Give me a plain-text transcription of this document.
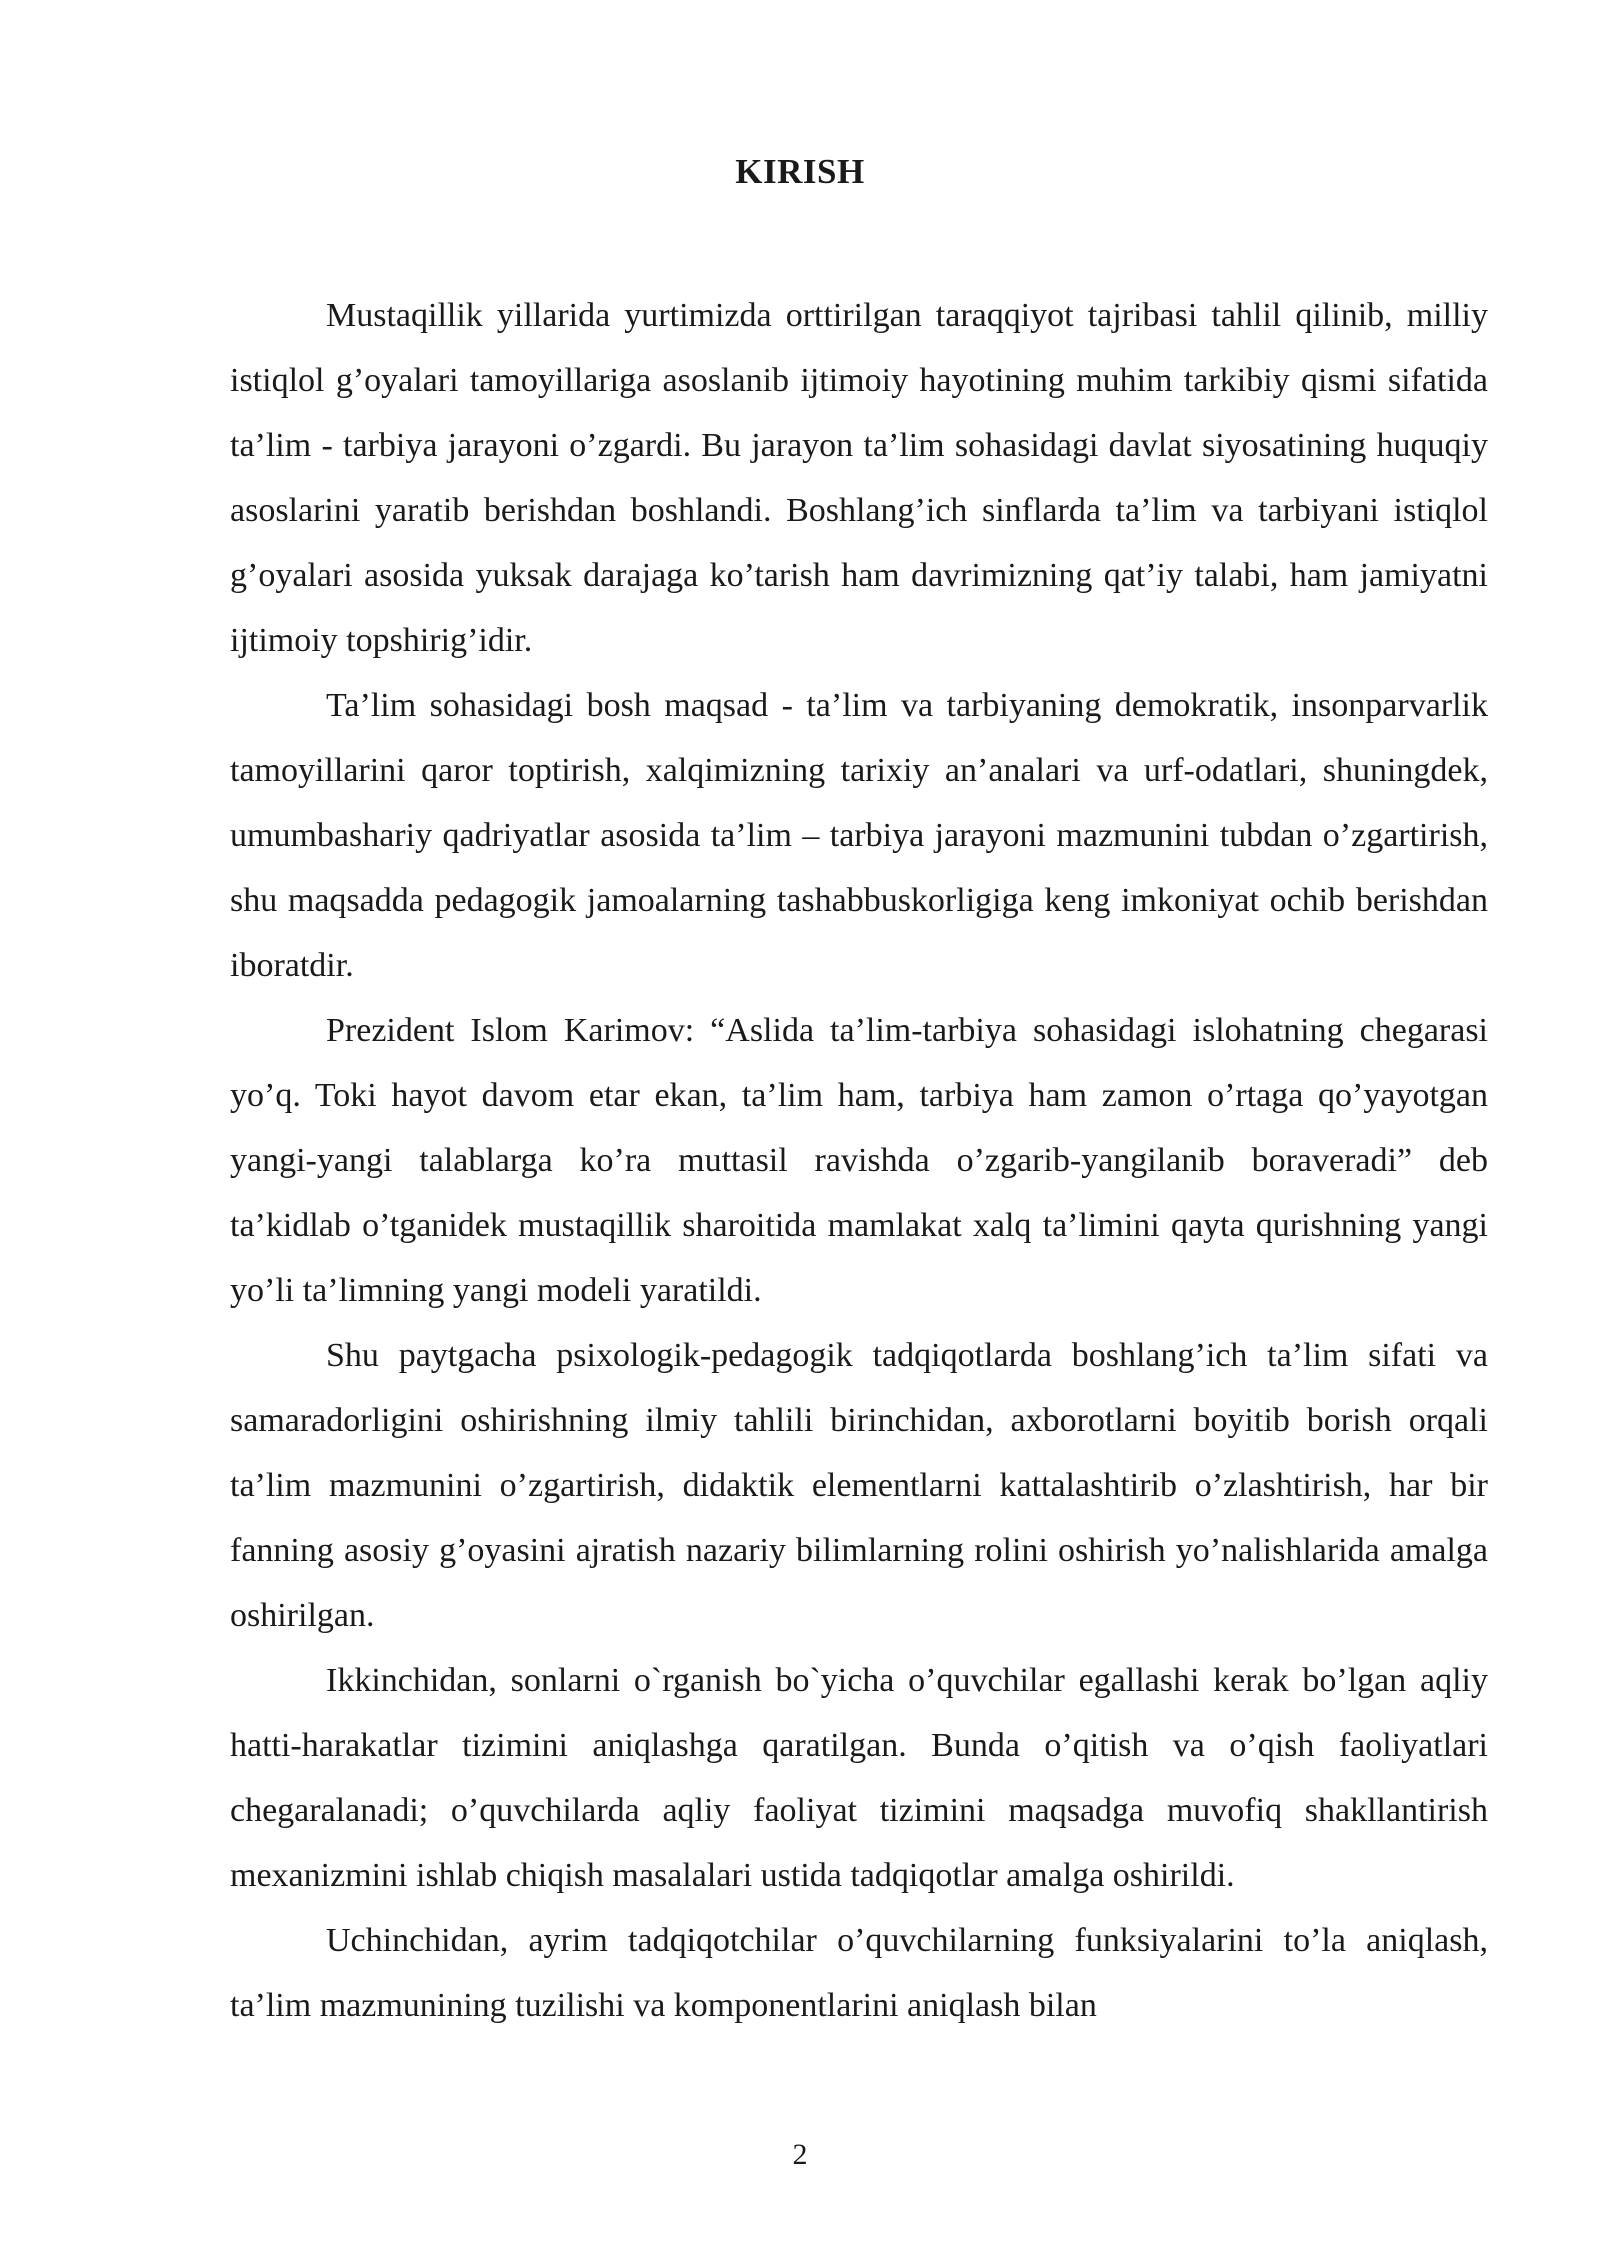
KIRISH

Mustaqillik yillarida yurtimizda orttirilgan taraqqiyot tajribasi tahlil qilinib, milliy istiqlol g’oyalari tamoyillariga asoslanib ijtimoiy hayotining muhim tarkibiy qismi sifatida ta’lim - tarbiya jarayoni o’zgardi. Bu jarayon ta’lim sohasidagi davlat siyosatining huquqiy asoslarini yaratib berishdan boshlandi. Boshlang’ich sinflarda ta’lim va tarbiyani istiqlol g’oyalari asosida yuksak darajaga ko’tarish ham davrimizning qat’iy talabi, ham jamiyatni ijtimoiy topshirig’idir.

Ta’lim sohasidagi bosh maqsad - ta’lim va tarbiyaning demokratik, insonparvarlik tamoyillarini qaror toptirish, xalqimizning tarixiy an’analari va urf-odatlari, shuningdek, umumbashariy qadriyatlar asosida ta’lim – tarbiya jarayoni mazmunini tubdan o’zgartirish, shu maqsadda pedagogik jamoalarning tashabbuskorligiga keng imkoniyat ochib berishdan iboratdir.

Prezident Islom Karimov: “Aslida ta’lim-tarbiya sohasidagi islohatning chegarasi yo’q. Toki hayot davom etar ekan, ta’lim ham, tarbiya ham zamon o’rtaga qo’yayotgan yangi-yangi talablarga ko’ra muttasil ravishda o’zgarib-yangilanib boraveradi” deb ta’kidlab o’tganidek mustaqillik sharoitida mamlakat xalq ta’limini qayta qurishning yangi yo’li ta’limning yangi modeli yaratildi.

Shu paytgacha psixologik-pedagogik tadqiqotlarda boshlang’ich ta’lim sifati va samaradorligini oshirishning ilmiy tahlili birinchidan, axborotlarni boyitib borish orqali ta’lim mazmunini o’zgartirish, didaktik elementlarni kattalashtirib o’zlashtirish, har bir fanning asosiy g’oyasini ajratish nazariy bilimlarning rolini oshirish yo’nalishlarida amalga oshirilgan.

Ikkinchidan, sonlarni o`rganish bo`yicha o’quvchilar egallashi kerak bo’lgan aqliy hatti-harakatlar tizimini aniqlashga qaratilgan. Bunda o’qitish va o’qish faoliyatlari chegaralanadi; o’quvchilarda aqliy faoliyat tizimini maqsadga muvofiq shakllantirish mexanizmini ishlab chiqish masalalari ustida tadqiqotlar amalga oshirildi.

Uchinchidan, ayrim tadqiqotchilar o’quvchilarning funksiyalarini to’la aniqlash, ta’lim mazmunining tuzilishi va komponentlarini aniqlash bilan

2
